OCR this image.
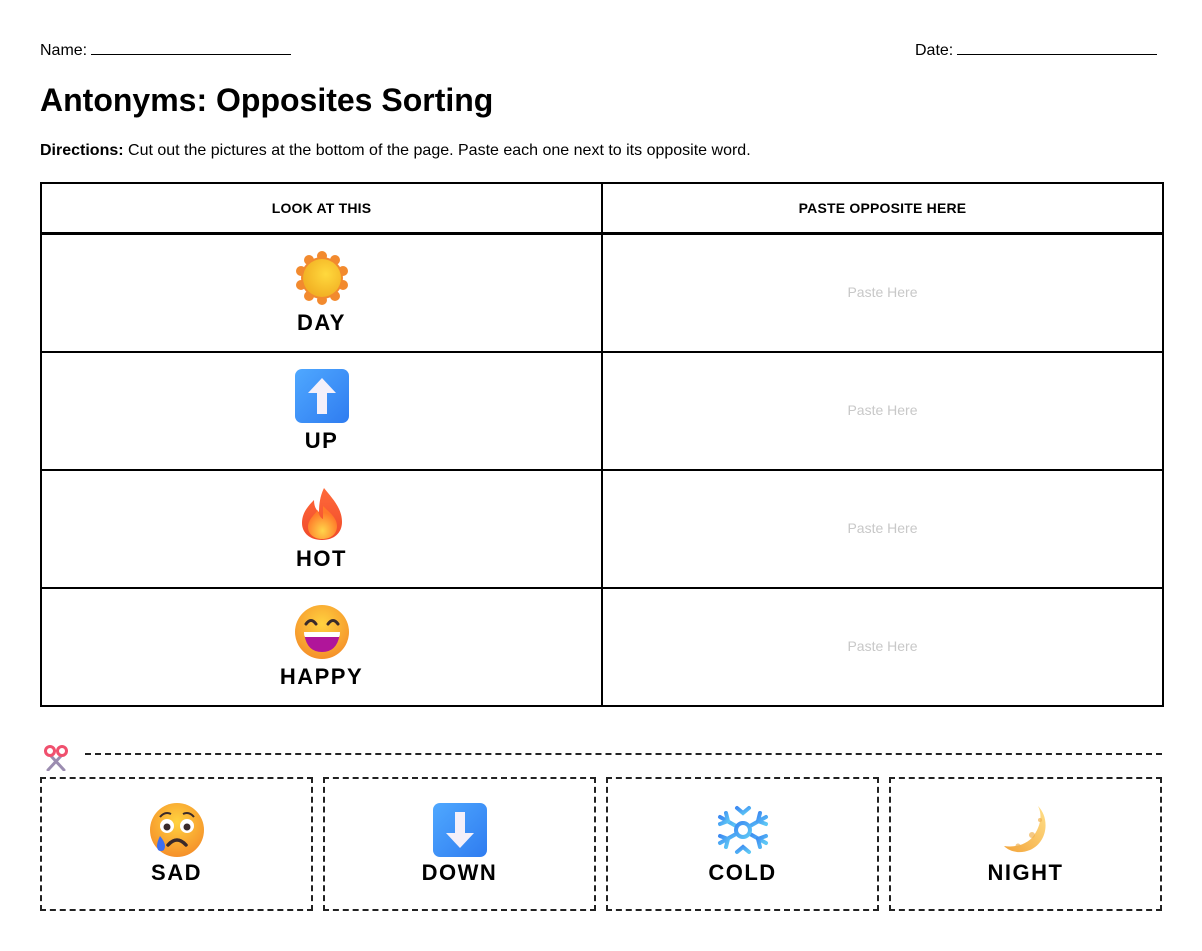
Name:	Date:
Antonyms: Opposites Sorting
Directions: Cut out the pictures at the bottom of the page. Paste each one next to its opposite word.
LOOK AT THIS	PASTE OPPOSITE HERE

DAY	Paste Here

UP	Paste Here

HOT	Paste Here

HAPPY	Paste Here
SAD	DOWN	COLD	NIGHT
